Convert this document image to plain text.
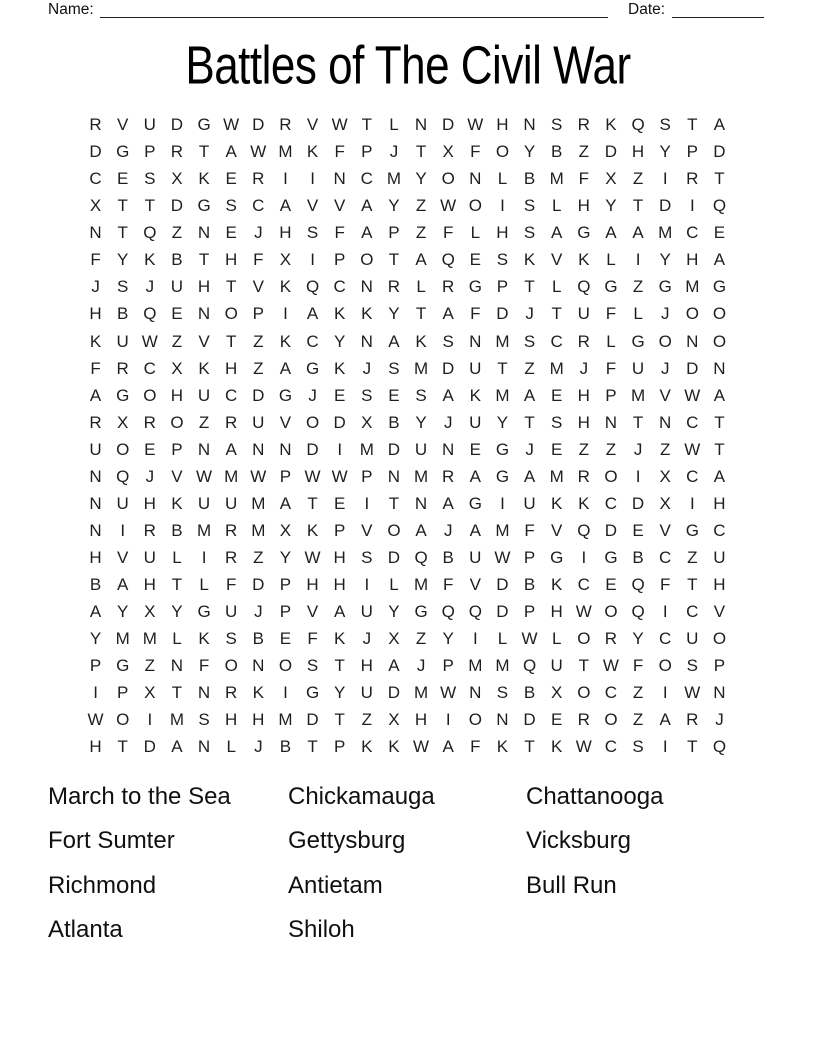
Name:	Date:
Battles of The Civil War
R V U D G W D R V W T	L N D W H N S R K Q S T A
D G P R T A W M K F P	J	T X F O Y B Z D H Y P D
C E S X K E R	I	I	N C M Y O N L B M F X Z	I	R T
X T T D G S C A V V A Y Z W O	I	S L H Y T D	I	Q
N T Q Z N E	J H S F A P Z F	L H S A G A A M C E
F Y K B T H F X	I	P O T A Q E S K V K L	I	Y H A
J	S	J U H T V K Q C N R L R G P T	L Q G Z G M G
H B Q E N O P	I	A K K Y T A F D J	T U F	L	J O O
K U W Z V T Z K C Y N A K S N M S C R L G O N O
F R C X K H Z A G K	J	S M D U T Z M J	F U J D N
A G O H U C D G J	E S E S A K M A E H P M V W A
R X R O Z R U V O D X B Y	J U Y T S H N T N C T
U O E P N A N N D	I	M D U N E G J	E Z Z	J	Z W T
N Q J	V W M W P W W P N M R A G A M R O	I	X C A
N U H K U U M A T E	I	T N A G	I	U K K C D X	I	H
N	I	R B M R M X K P V O A	J	A M F V Q D E V G C
H V U L	I	R Z Y W H S D Q B U W P G	I	G B C Z U
B A H T	L	F D P H H	I	L M F V D B K C E Q F T H
A Y X Y G U J	P V A U Y G Q Q D P H W O Q	I	C V
Y M M L K S B E F K	J	X Z Y	I	L W L O R Y C U O
P G Z N F O N O S T H A	J	P M M Q U T W F O S P
I	P X T N R K	I	G Y U D M W N S B X O C Z	I W N
W O	I	M S H H M D T Z X H	I	O N D E R O Z A R J
H T D A N L	J	B T P K K W A F K T K W C S	I	T Q
March to the Sea
Fort Sumter
Richmond
Atlanta
Chickamauga
Gettysburg
Antietam
Shiloh
Chattanooga
Vicksburg
Bull Run
